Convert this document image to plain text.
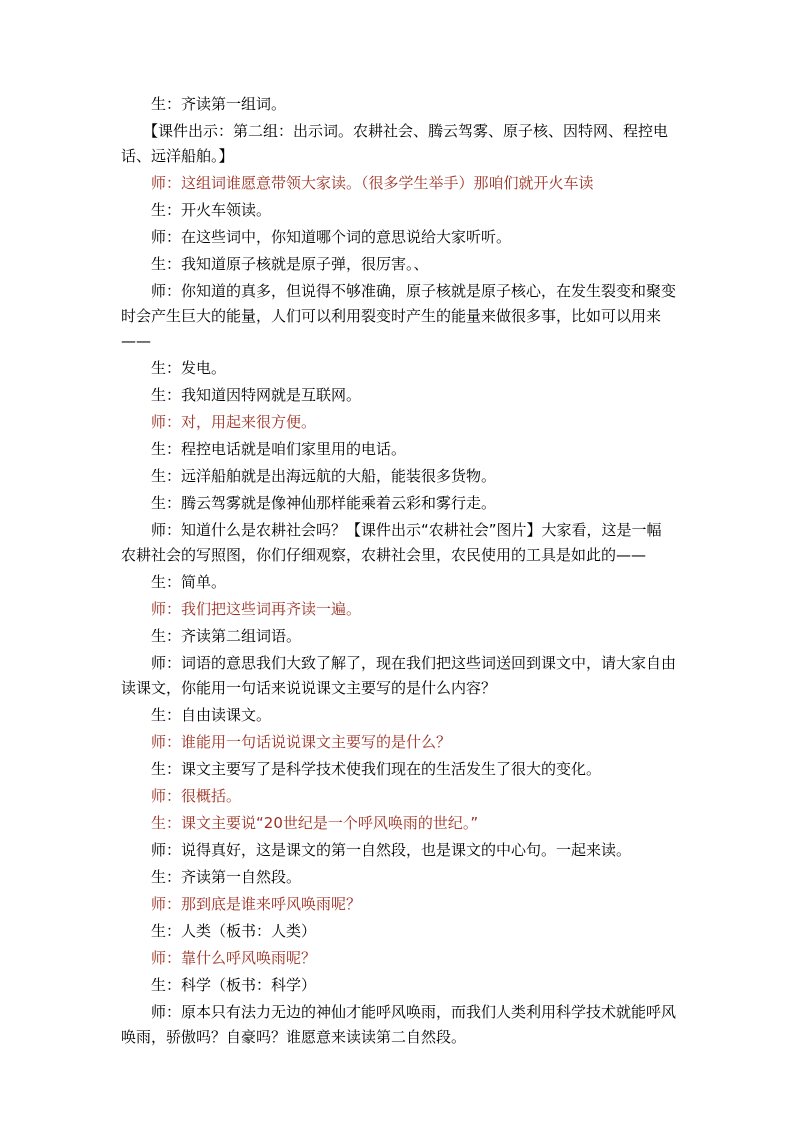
生：齐读第一组词。

【课件出示：第二组：出示词。农耕社会、腾云驾雾、原子核、因特网、程控电话、远洋船舶。】

师：这组词谁愿意带领大家读。（很多学生举手）那咱们就开火车读

生：开火车领读。

师：在这些词中，你知道哪个词的意思说给大家听听。

生：我知道原子核就是原子弹，很厉害。、

师：你知道的真多，但说得不够准确，原子核就是原子核心，在发生裂变和聚变时会产生巨大的能量，人们可以利用裂变时产生的能量来做很多事，比如可以用来——

生：发电。

生：我知道因特网就是互联网。

师：对，用起来很方便。

生：程控电话就是咱们家里用的电话。

生：远洋船舶就是出海远航的大船，能装很多货物。

生：腾云驾雾就是像神仙那样能乘着云彩和雾行走。

师：知道什么是农耕社会吗？【课件出示“农耕社会”图片】大家看，这是一幅农耕社会的写照图，你们仔细观察，农耕社会里，农民使用的工具是如此的——

生：简单。

师：我们把这些词再齐读一遍。

生：齐读第二组词语。

师：词语的意思我们大致了解了，现在我们把这些词送回到课文中，请大家自由读课文，你能用一句话来说说课文主要写的是什么内容？

生：自由读课文。

师：谁能用一句话说说课文主要写的是什么？

生：课文主要写了是科学技术使我们现在的生活发生了很大的变化。

师：很概括。

生：课文主要说“20世纪是一个呼风唤雨的世纪。”

师：说得真好，这是课文的第一自然段，也是课文的中心句。一起来读。

生：齐读第一自然段。

师：那到底是谁来呼风唤雨呢？

生：人类（板书：人类）

师：靠什么呼风唤雨呢？

生：科学（板书：科学）

师：原本只有法力无边的神仙才能呼风唤雨，而我们人类利用科学技术就能呼风唤雨，骄傲吗？自豪吗？谁愿意来读读第二自然段。
